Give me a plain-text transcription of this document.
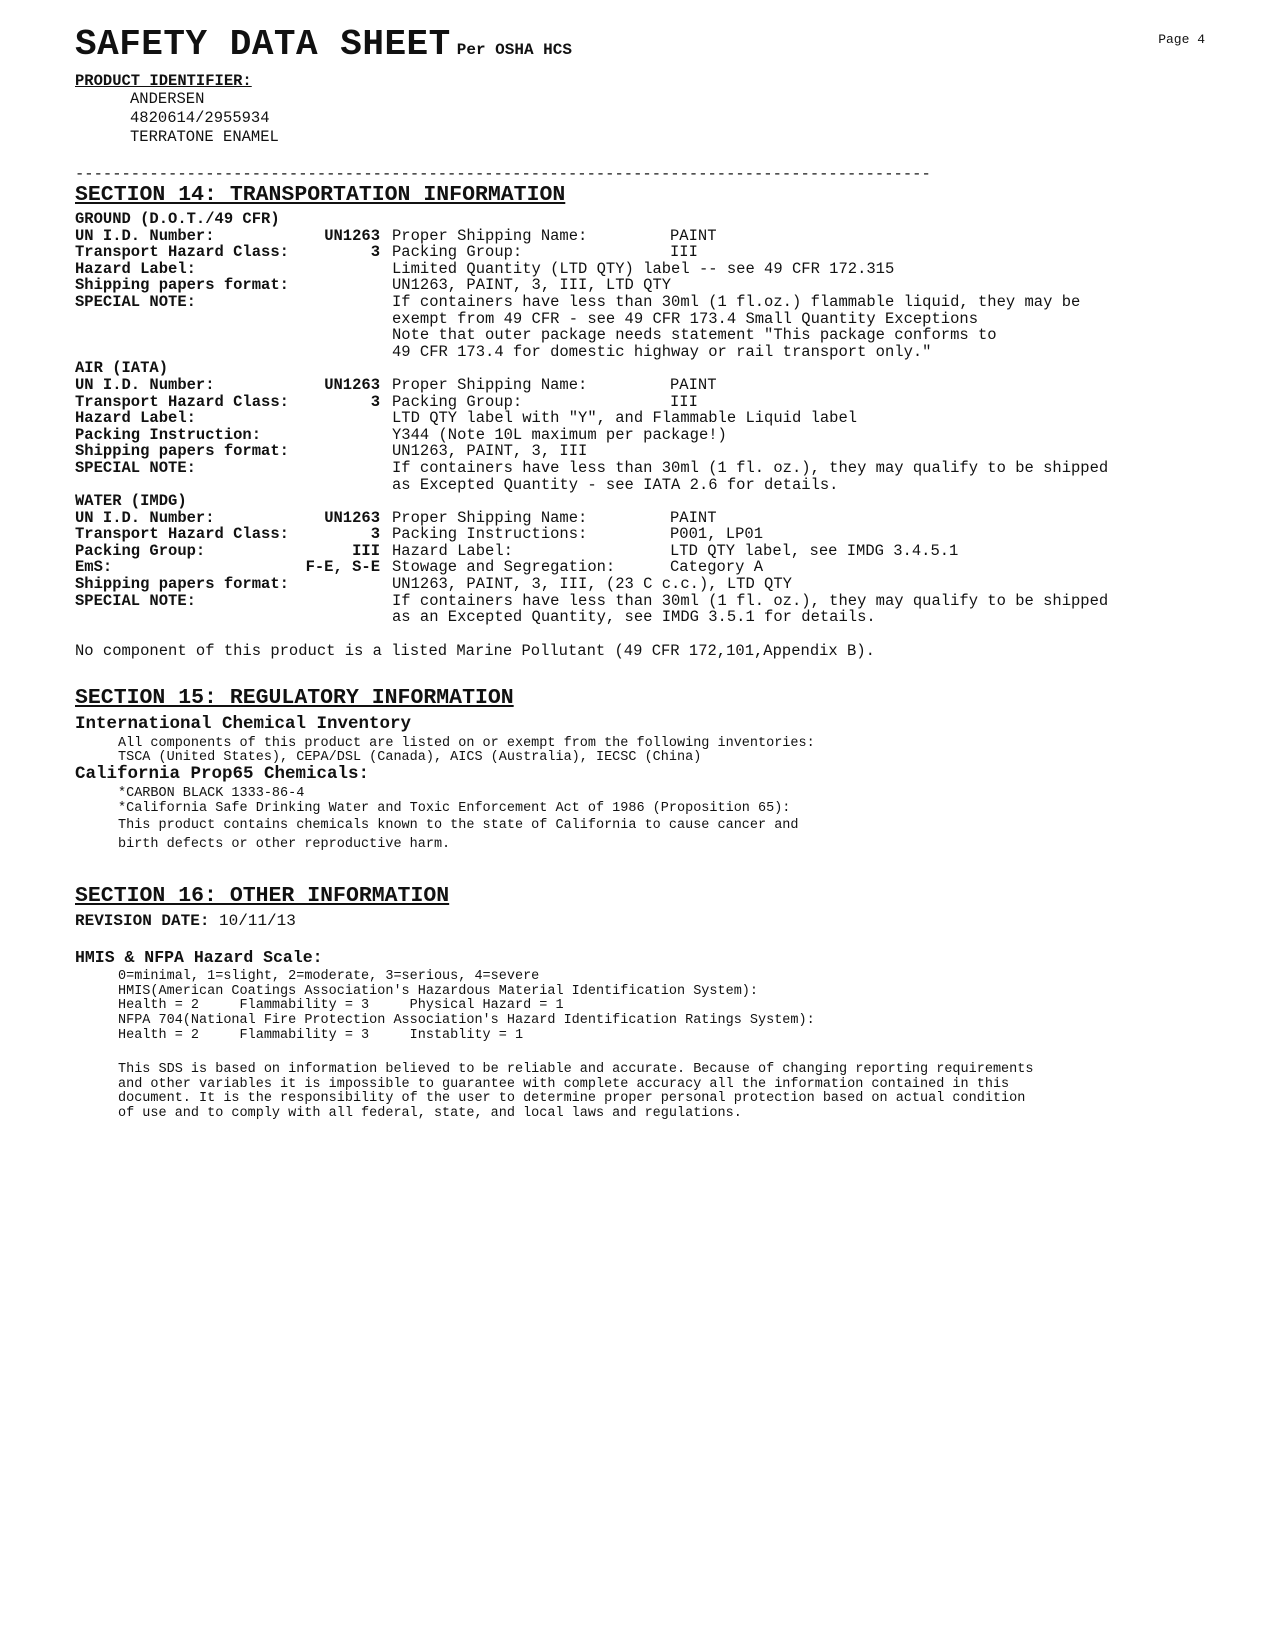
SAFETY DATA SHEET Per OSHA HCS
Page 4
PRODUCT IDENTIFIER:
ANDERSEN
4820614/2955934
TERRATONE ENAMEL
--------------------------------------------------------------------------------------------
SECTION 14: TRANSPORTATION INFORMATION
GROUND (D.O.T./49 CFR)
UN I.D. Number:	UN1263 Proper Shipping Name:	PAINT
Transport Hazard Class:	3 Packing Group:	III
Hazard Label:	Limited Quantity (LTD QTY) label -- see 49 CFR 172.315
Shipping papers format:	UN1263, PAINT, 3, III, LTD QTY
SPECIAL NOTE:	If containers have less than 30ml (1 fl.oz.) flammable liquid, they may be
exempt from 49 CFR - see 49 CFR 173.4 Small Quantity Exceptions
Note that outer package needs statement "This package conforms to
49 CFR 173.4 for domestic highway or rail transport only."
AIR (IATA)
UN I.D. Number:	UN1263 Proper Shipping Name:	PAINT
Transport Hazard Class:	3 Packing Group:	III
Hazard Label:	LTD QTY label with "Y", and Flammable Liquid label
Packing Instruction:	Y344 (Note 10L maximum per package!)
Shipping papers format:	UN1263, PAINT, 3, III
SPECIAL NOTE:	If containers have less than 30ml (1 fl. oz.), they may qualify to be shipped
as Excepted Quantity - see IATA 2.6 for details.
WATER (IMDG)
UN I.D. Number:	UN1263 Proper Shipping Name:	PAINT
Transport Hazard Class:	3 Packing Instructions:	P001, LP01
Packing Group:	III Hazard Label:	LTD QTY label, see IMDG 3.4.5.1
EmS:	F-E, S-E Stowage and Segregation:	Category A
Shipping papers format:	UN1263, PAINT, 3, III, (23 C c.c.), LTD QTY
SPECIAL NOTE:	If containers have less than 30ml (1 fl. oz.), they may qualify to be shipped
as an Excepted Quantity, see IMDG 3.5.1 for details.
No component of this product is a listed Marine Pollutant (49 CFR 172,101,Appendix B).
SECTION 15: REGULATORY INFORMATION
International Chemical Inventory
All components of this product are listed on or exempt from the following inventories:
TSCA (United States), CEPA/DSL (Canada), AICS (Australia), IECSC (China)
California Prop65 Chemicals:
*CARBON BLACK 1333-86-4
*California Safe Drinking Water and Toxic Enforcement Act of 1986 (Proposition 65):
This product contains chemicals known to the state of California to cause cancer and
birth defects or other reproductive harm.
SECTION 16: OTHER INFORMATION
REVISION DATE: 10/11/13
HMIS & NFPA Hazard Scale:
0=minimal, 1=slight, 2=moderate, 3=serious, 4=severe
HMIS(American Coatings Association's Hazardous Material Identification System):
Health = 2     Flammability = 3     Physical Hazard = 1
NFPA 704(National Fire Protection Association's Hazard Identification Ratings System):
Health = 2     Flammability = 3     Instablity = 1
This SDS is based on information believed to be reliable and accurate. Because of changing reporting requirements
and other variables it is impossible to guarantee with complete accuracy all the information contained in this
document. It is the responsibility of the user to determine proper personal protection based on actual condition
of use and to comply with all federal, state, and local laws and regulations.
